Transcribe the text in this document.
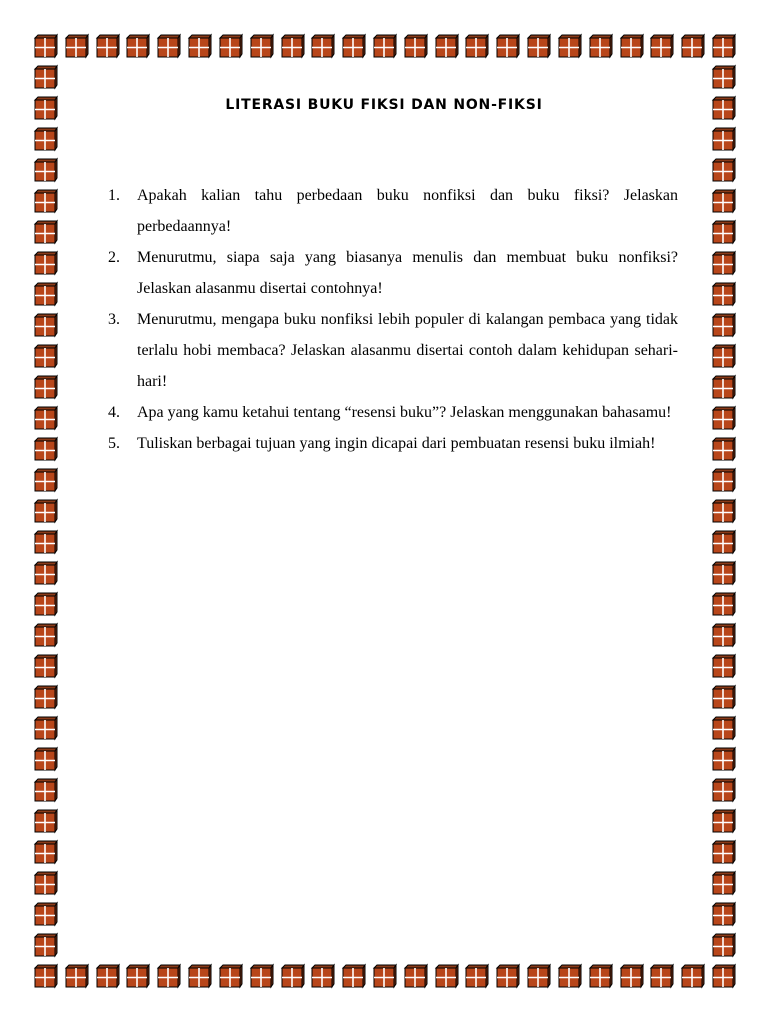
LITERASI BUKU FIKSI DAN NON-FIKSI
1. Apakah kalian tahu perbedaan buku nonfiksi dan buku fiksi? Jelaskan perbedaannya!
2. Menurutmu, siapa saja yang biasanya menulis dan membuat buku nonfiksi? Jelaskan alasanmu disertai contohnya!
3. Menurutmu, mengapa buku nonfiksi lebih populer di kalangan pembaca yang tidak terlalu hobi membaca? Jelaskan alasanmu disertai contoh dalam kehidupan sehari-hari!
4. Apa yang kamu ketahui tentang “resensi buku”? Jelaskan menggunakan bahasamu!
5. Tuliskan berbagai tujuan yang ingin dicapai dari pembuatan resensi buku ilmiah!
